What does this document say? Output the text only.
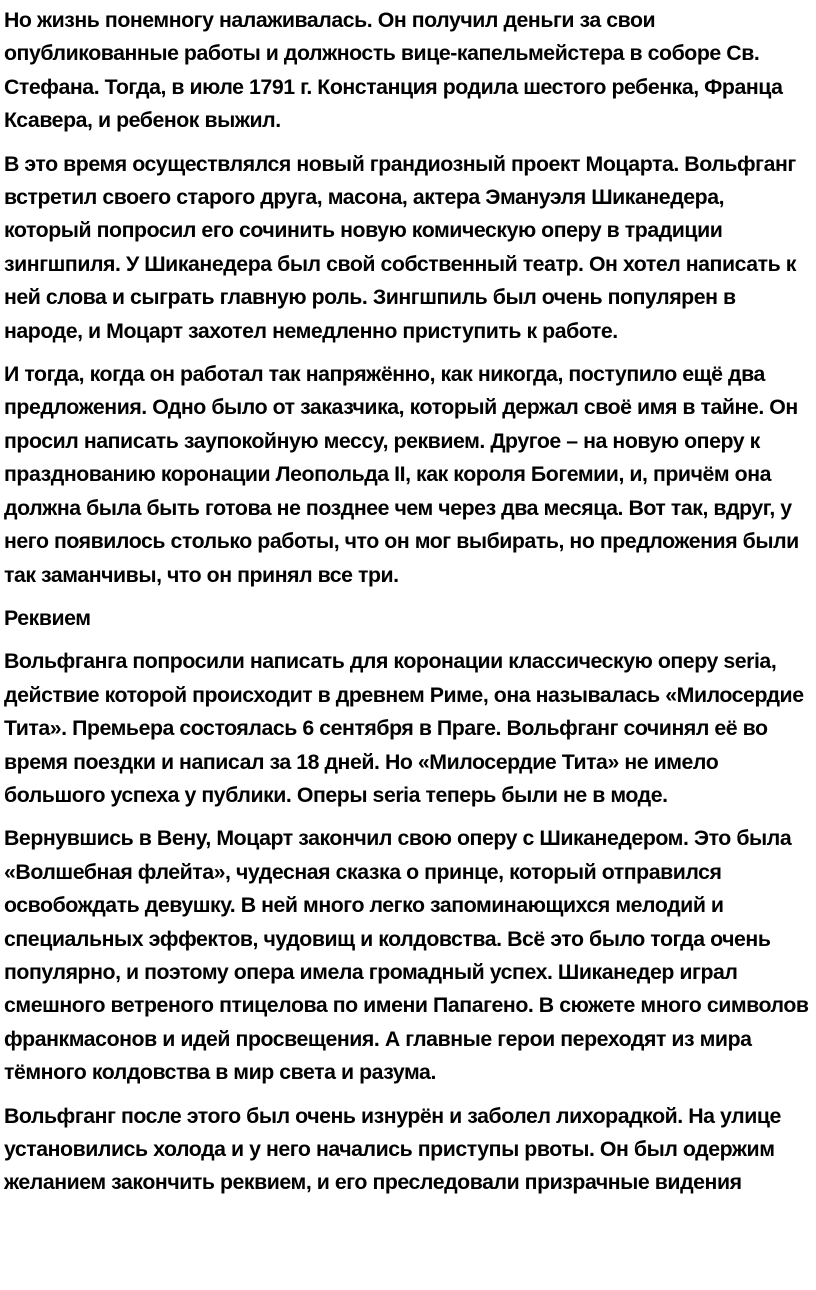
Но жизнь понемногу налаживалась. Он получил деньги за свои опубликованные работы и должность вице-капельмейстера в соборе Св. Стефана. Тогда, в июле 1791 г. Констанция родила шестого ребенка, Франца Ксавера, и ребенок выжил.

В это время осуществлялся новый грандиозный проект Моцарта. Вольфганг встретил своего старого друга, масона, актера Эмануэля Шиканедера, который попросил его сочинить новую комическую оперу в традиции зингшпиля. У Шиканедера был свой собственный театр. Он хотел написать к ней слова и сыграть главную роль. Зингшпиль был очень популярен в народе, и Моцарт захотел немедленно приступить к работе.

И тогда, когда он работал так напряжённо, как никогда, поступило ещё два предложения. Одно было от заказчика, который держал своё имя в тайне. Он просил написать заупокойную мессу, реквием. Другое – на новую оперу к празднованию коронации Леопольда II, как короля Богемии, и, причём она должна была быть готова не позднее чем через два месяца. Вот так, вдруг, у него появилось столько работы, что он мог выбирать, но предложения были так заманчивы, что он принял все три.

Реквием

Вольфганга попросили написать для коронации классическую оперу seria, действие которой происходит в древнем Риме, она называлась «Милосердие Тита». Премьера состоялась 6 сентября в Праге. Вольфганг сочинял её во время поездки и написал за 18 дней. Но «Милосердие Тита» не имело большого успеха у публики. Оперы seria теперь были не в моде.

Вернувшись в Вену, Моцарт закончил свою оперу с Шиканедером. Это была «Волшебная флейта», чудесная сказка о принце, который отправился освобождать девушку. В ней много легко запоминающихся мелодий и специальных эффектов, чудовищ и колдовства. Всё это было тогда очень популярно, и поэтому опера имела громадный успех. Шиканедер играл смешного ветреного птицелова по имени Папагено. В сюжете много символов франкмасонов и идей просвещения. А главные герои переходят из мира тёмного колдовства в мир света и разума.

Вольфганг после этого был очень изнурён и заболел лихорадкой. На улице установились холода и у него начались приступы рвоты. Он был одержим желанием закончить реквием, и его преследовали призрачные видения
